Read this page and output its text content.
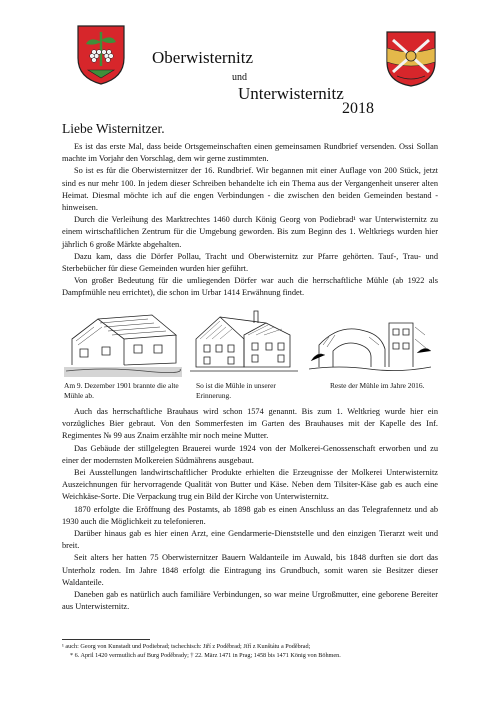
Oberwisternitz
und
Unterwisternitz
2018
Liebe Wisternitzer.

Es ist das erste Mal, dass beide Ortsgemeinschaften einen gemeinsamen Rundbrief versenden. Ossi Sollan machte im Vorjahr den Vorschlag, dem wir gerne zustimmten.

So ist es für die Oberwisternitzer der 16. Rundbrief. Wir begannen mit einer Auflage von 200 Stück, jetzt sind es nur mehr 100. In jedem dieser Schreiben behandelte ich ein Thema aus der Vergangenheit unserer alten Heimat. Diesmal möchte ich auf die engen Verbindungen - die zwischen den beiden Gemeinden bestand - hinweisen.

Durch die Verleihung des Marktrechtes 1460 durch König Georg von Podiebrad¹ war Unterwisternitz zu einem wirtschaftlichen Zentrum für die Umgebung geworden. Bis zum Beginn des 1. Weltkriegs wurden hier jährlich 6 große Märkte abgehalten.

Dazu kam, dass die Dörfer Pollau, Tracht und Oberwisternitz zur Pfarre gehörten. Tauf-, Trau- und Sterbebücher für diese Gemeinden wurden hier geführt.

Von großer Bedeutung für die umliegenden Dörfer war auch die herrschaftliche Mühle (ab 1922 als Dampfmühle neu errichtet), die schon im Urbar 1414 Erwähnung findet.

Am 9. Dezember 1901 brannte die alte Mühle ab.
So ist die Mühle in unserer Erinnerung.
Reste der Mühle im Jahre 2016.

Auch das herrschaftliche Brauhaus wird schon 1574 genannt. Bis zum 1. Weltkrieg wurde hier ein vorzügliches Bier gebraut. Von den Sommerfesten im Garten des Brauhauses mit der Kapelle des Inf. Regimentes № 99 aus Znaim erzählte mir noch meine Mutter.

Das Gebäude der stillgelegten Brauerei wurde 1924 von der Molkerei-Genossenschaft erworben und zu einer der modernsten Molkereien Südmährens ausgebaut.

Bei Ausstellungen landwirtschaftlicher Produkte erhielten die Erzeugnisse der Molkerei Unterwisternitz Auszeichnungen für hervorragende Qualität von Butter und Käse. Neben dem Tilsiter-Käse gab es auch eine Weichkäse-Sorte. Die Verpackung trug ein Bild der Kirche von Unterwisternitz.

1870 erfolgte die Eröffnung des Postamts, ab 1898 gab es einen Anschluss an das Telegrafennetz und ab 1930 auch die Möglichkeit zu telefonieren.

Darüber hinaus gab es hier einen Arzt, eine Gendarmerie-Dienststelle und den einzigen Tierarzt weit und breit.

Seit alters her hatten 75 Oberwisternitzer Bauern Waldanteile im Auwald, bis 1848 durften sie dort das Unterholz roden. Im Jahre 1848 erfolgt die Eintragung ins Grundbuch, somit waren sie Besitzer dieser Waldanteile.

Daneben gab es natürlich auch familiäre Verbindungen, so war meine Urgroßmutter, eine geborene Bereiter aus Unterwisternitz.

¹ auch: Georg von Kunstadt und Podiebrad; tschechisch: Jiří z Poděbrad; Jiří z Kunštátu a Poděbrad;
* 6. April 1420 vermutlich auf Burg Poděbrady; † 22. März 1471 in Prag; 1458 bis 1471 König von Böhmen.
